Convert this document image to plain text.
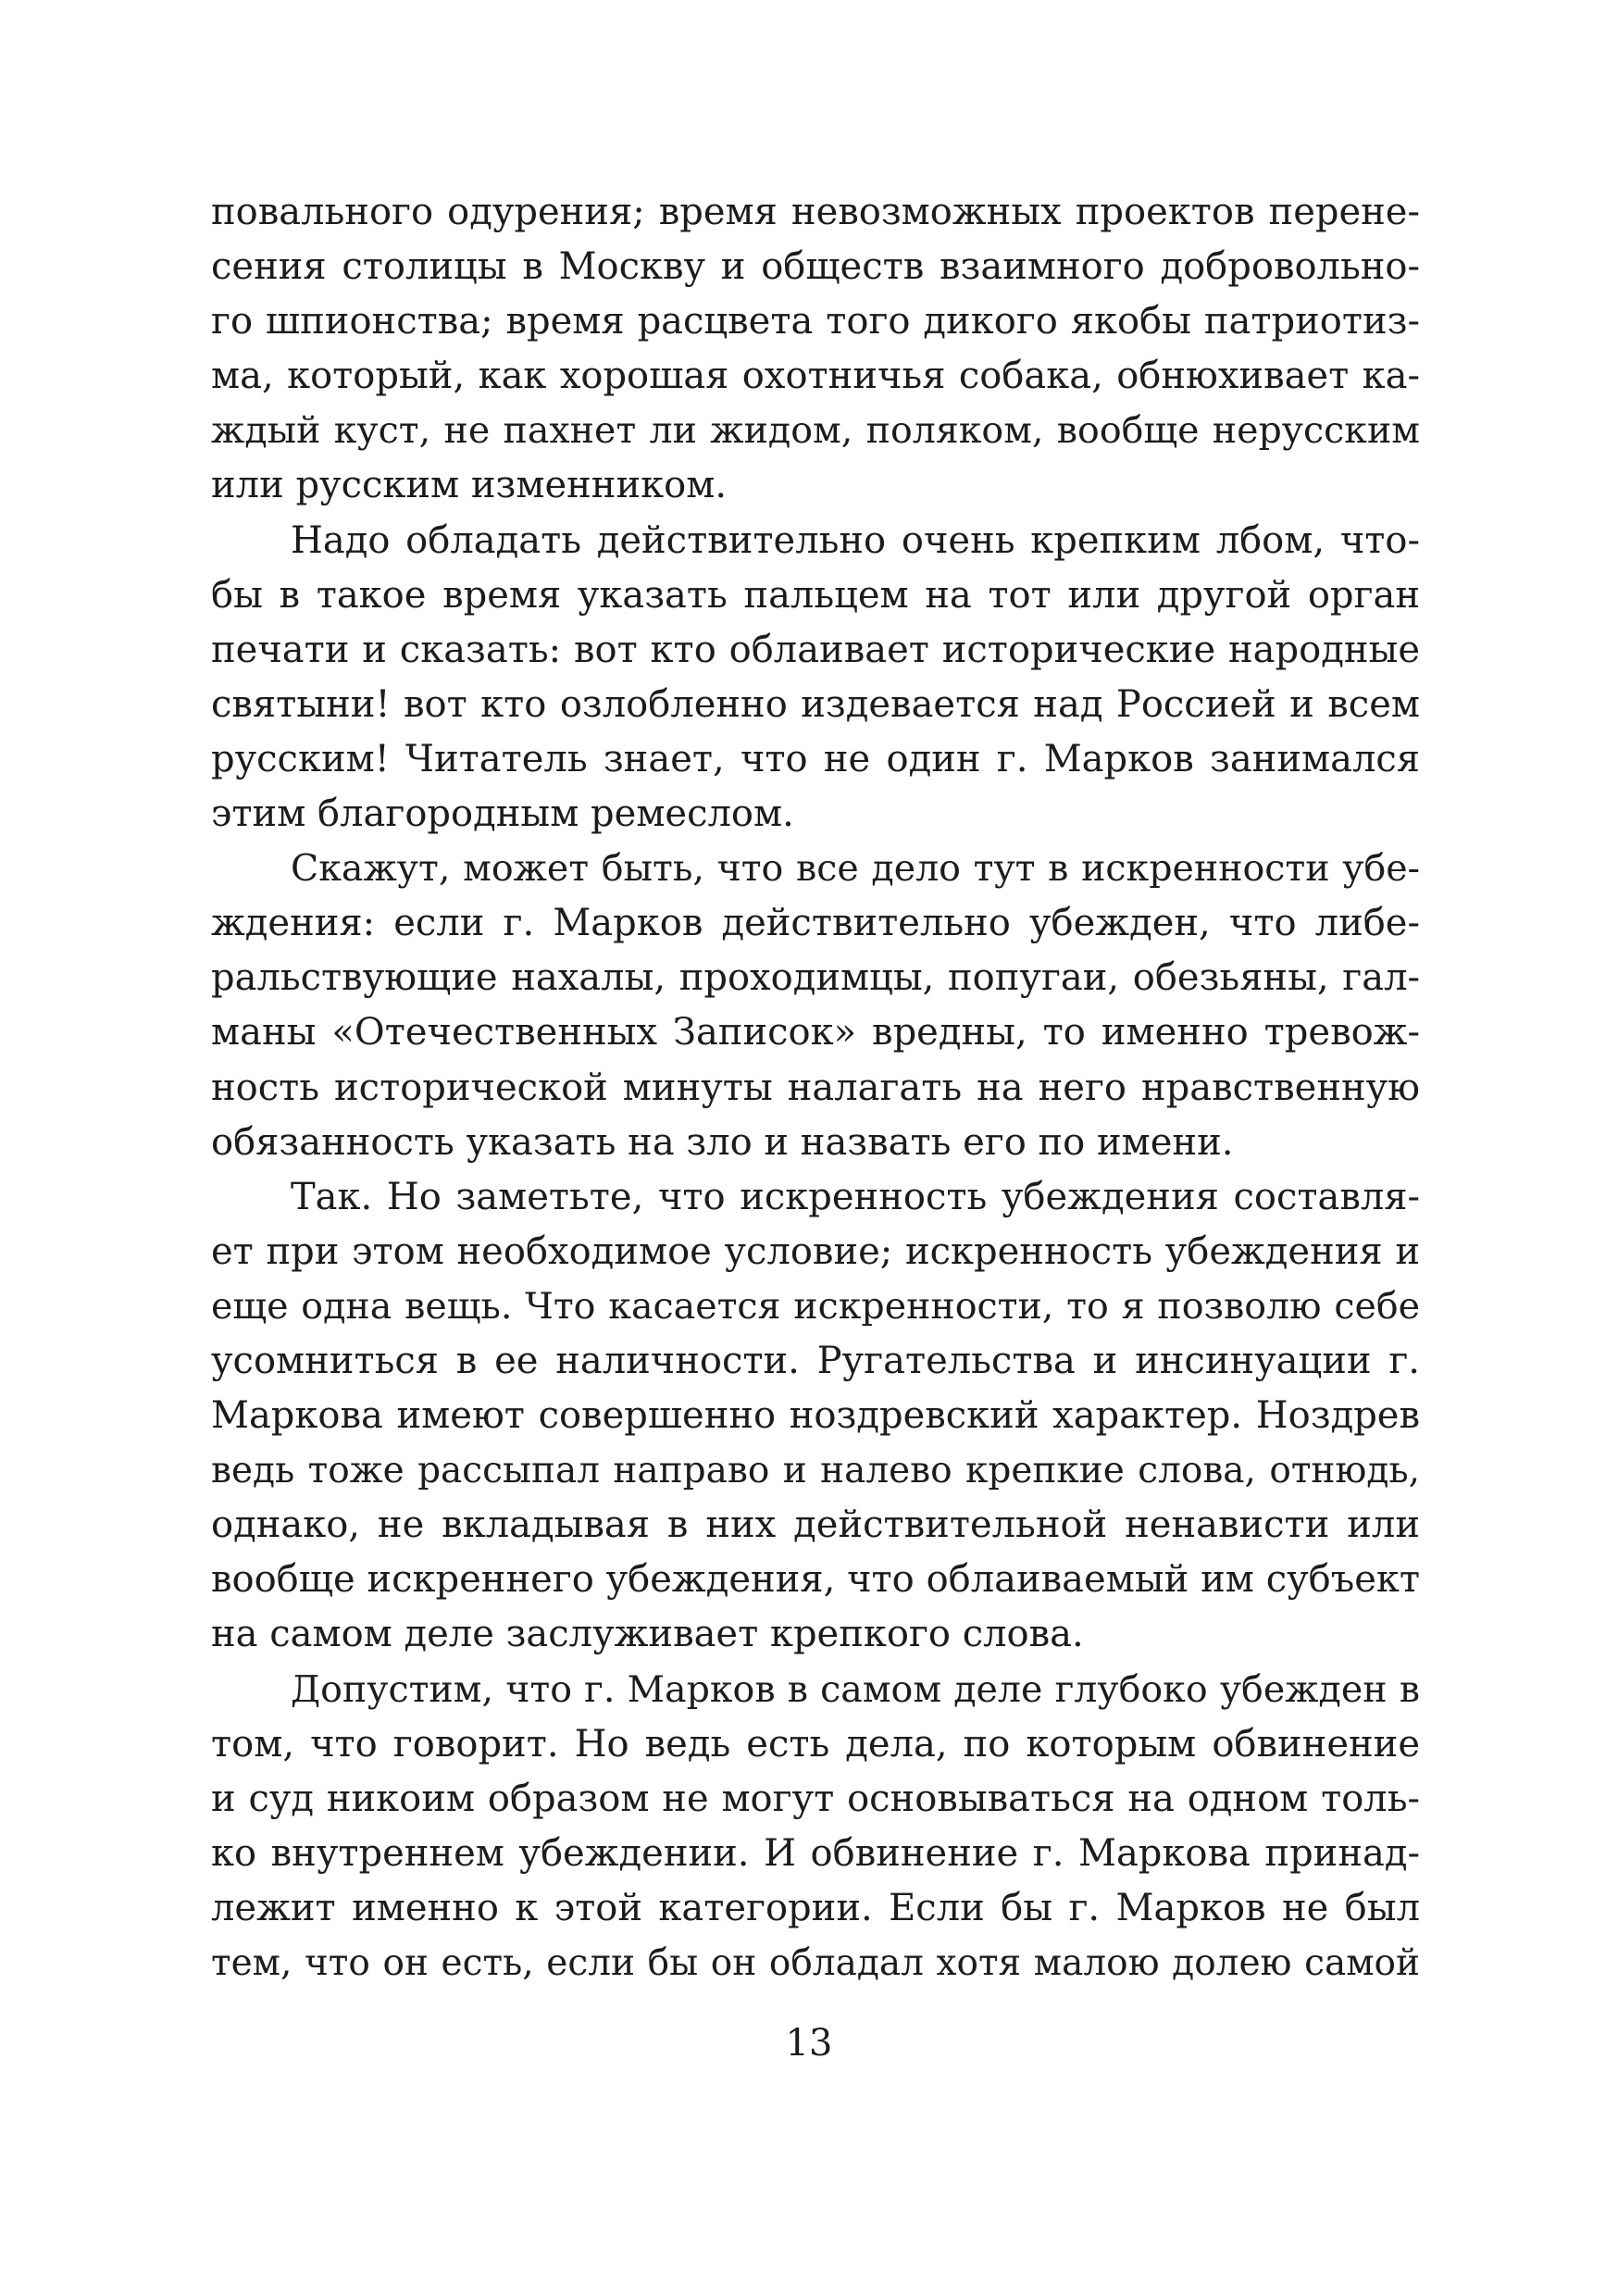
повального одурения; время невозможных проектов перене-
сения столицы в Москву и обществ взаимного добровольно-
го шпионства; время расцвета того дикого якобы патриотиз-
ма, который, как хорошая охотничья собака, обнюхивает ка-
ждый куст, не пахнет ли жидом, поляком, вообще нерусским
или русским изменником.
Надо обладать действительно очень крепким лбом, что-
бы в такое время указать пальцем на тот или другой орган
печати и сказать: вот кто облаивает исторические народные
святыни! вот кто озлобленно издевается над Россией и всем
русским! Читатель знает, что не один г. Марков занимался
этим благородным ремеслом.
Скажут, может быть, что все дело тут в искренности убе-
ждения: если г. Марков действительно убежден, что либе-
ральствующие нахалы, проходимцы, попугаи, обезьяны, гал-
маны «Отечественных Записок» вредны, то именно тревож-
ность исторической минуты налагать на него нравственную
обязанность указать на зло и назвать его по имени.
Так. Но заметьте, что искренность убеждения составля-
ет при этом необходимое условие; искренность убеждения и
еще одна вещь. Что касается искренности, то я позволю себе
усомниться в ее наличности. Ругательства и инсинуации г.
Маркова имеют совершенно ноздревский характер. Ноздрев
ведь тоже рассыпал направо и налево крепкие слова, отнюдь,
однако, не вкладывая в них действительной ненависти или
вообще искреннего убеждения, что облаиваемый им субъект
на самом деле заслуживает крепкого слова.
Допустим, что г. Марков в самом деле глубоко убежден в
том, что говорит. Но ведь есть дела, по которым обвинение
и суд никоим образом не могут основываться на одном толь-
ко внутреннем убеждении. И обвинение г. Маркова принад-
лежит именно к этой категории. Если бы г. Марков не был
тем, что он есть, если бы он обладал хотя малою долею самой
13
